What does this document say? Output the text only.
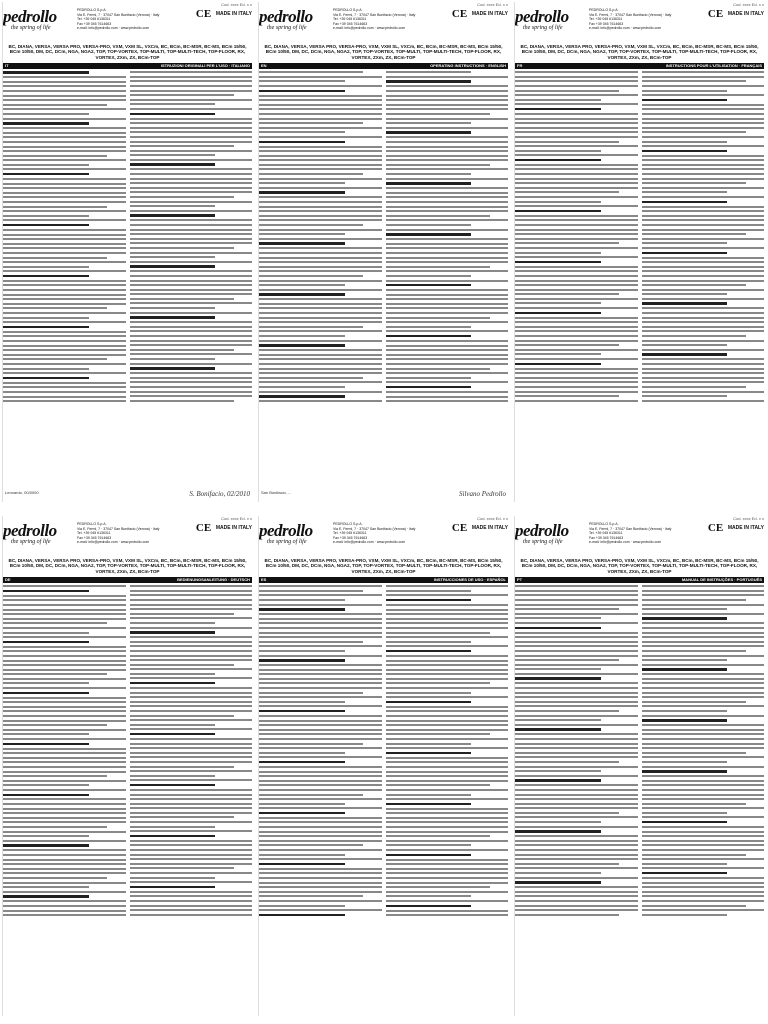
Cod. xxxx Ed. x x
pedrollo
the spring of life
PEDROLLO S.p.A.
Via E. Fermi, 7 · 37047 San Bonifacio (Verona) · Italy
Tel. +39 045 6136311
Fax +39 045 7614663
e-mail: info@pedrollo.com · www.pedrollo.com
CE MADE IN ITALY
BC, DIANA, VERSA, VERSA PRO, VERSA-PRO, VXM, VXM SL, VXCm, BC, BCm, BC-MSR, BC-MS, BCm 15/50, BCm 10/50, DM, DC, DCm, NGA, NGA2, TOP, TOP-VORTEX, TOP-MULTI, TOP-MULTI-TECH, TOP-FLOOR, RX, VORTEX, ZXm, ZX, BCm-TOP
IT	ISTRUZIONI ORIGINALI PER L'USO · ITALIANO
Leonardo, 00/0000	S. Bonifacio, 02/2010
Cod. xxxx Ed. x x
pedrollo
the spring of life
PEDROLLO S.p.A.
Via E. Fermi, 7 · 37047 San Bonifacio (Verona) · Italy
Tel. +39 045 6136311
Fax +39 045 7614663
e-mail: info@pedrollo.com · www.pedrollo.com
CE MADE IN ITALY
BC, DIANA, VERSA, VERSA PRO, VERSA-PRO, VXM, VXM SL, VXCm, BC, BCm, BC-MSR, BC-MS, BCm 15/50, BCm 10/50, DM, DC, DCm, NGA, NGA2, TOP, TOP-VORTEX, TOP-MULTI, TOP-MULTI-TECH, TOP-FLOOR, RX, VORTEX, ZXm, ZX, BCm-TOP
EN	OPERATING INSTRUCTIONS · ENGLISH
San Bonifacio, ...	Silvano Pedrollo
Cod. xxxx Ed. x x
pedrollo
the spring of life
PEDROLLO S.p.A.
Via E. Fermi, 7 · 37047 San Bonifacio (Verona) · Italy
Tel. +39 045 6136311
Fax +39 045 7614663
e-mail: info@pedrollo.com · www.pedrollo.com
CE MADE IN ITALY
BC, DIANA, VERSA, VERSA PRO, VERSA-PRO, VXM, VXM SL, VXCm, BC, BCm, BC-MSR, BC-MS, BCm 15/50, BCm 10/50, DM, DC, DCm, NGA, NGA2, TOP, TOP-VORTEX, TOP-MULTI, TOP-MULTI-TECH, TOP-FLOOR, RX, VORTEX, ZXm, ZX, BCm-TOP
FR	INSTRUCTIONS POUR L'UTILISATION · FRANÇAIS
Cod. xxxx Ed. x x
pedrollo
the spring of life
PEDROLLO S.p.A.
Via E. Fermi, 7 · 37047 San Bonifacio (Verona) · Italy
Tel. +39 045 6136311
Fax +39 045 7614663
e-mail: info@pedrollo.com · www.pedrollo.com
CE MADE IN ITALY
BC, DIANA, VERSA, VERSA PRO, VERSA-PRO, VXM, VXM SL, VXCm, BC, BCm, BC-MSR, BC-MS, BCm 15/50, BCm 10/50, DM, DC, DCm, NGA, NGA2, TOP, TOP-VORTEX, TOP-MULTI, TOP-MULTI-TECH, TOP-FLOOR, RX, VORTEX, ZXm, ZX, BCm-TOP
DE	BEDIENUNGSANLEITUNG · DEUTSCH
Cod. xxxx Ed. x x
pedrollo
the spring of life
PEDROLLO S.p.A.
Via E. Fermi, 7 · 37047 San Bonifacio (Verona) · Italy
Tel. +39 045 6136311
Fax +39 045 7614663
e-mail: info@pedrollo.com · www.pedrollo.com
CE MADE IN ITALY
BC, DIANA, VERSA, VERSA PRO, VERSA-PRO, VXM, VXM SL, VXCm, BC, BCm, BC-MSR, BC-MS, BCm 15/50, BCm 10/50, DM, DC, DCm, NGA, NGA2, TOP, TOP-VORTEX, TOP-MULTI, TOP-MULTI-TECH, TOP-FLOOR, RX, VORTEX, ZXm, ZX, BCm-TOP
ES	INSTRUCCIONES DE USO · ESPAÑOL
Cod. xxxx Ed. x x
pedrollo
the spring of life
PEDROLLO S.p.A.
Via E. Fermi, 7 · 37047 San Bonifacio (Verona) · Italy
Tel. +39 045 6136311
Fax +39 045 7614663
e-mail: info@pedrollo.com · www.pedrollo.com
CE MADE IN ITALY
BC, DIANA, VERSA, VERSA PRO, VERSA-PRO, VXM, VXM SL, VXCm, BC, BCm, BC-MSR, BC-MS, BCm 15/50, BCm 10/50, DM, DC, DCm, NGA, NGA2, TOP, TOP-VORTEX, TOP-MULTI, TOP-MULTI-TECH, TOP-FLOOR, RX, VORTEX, ZXm, ZX, BCm-TOP
PT	MANUAL DE INSTRUÇÕES · PORTUGUÊS
